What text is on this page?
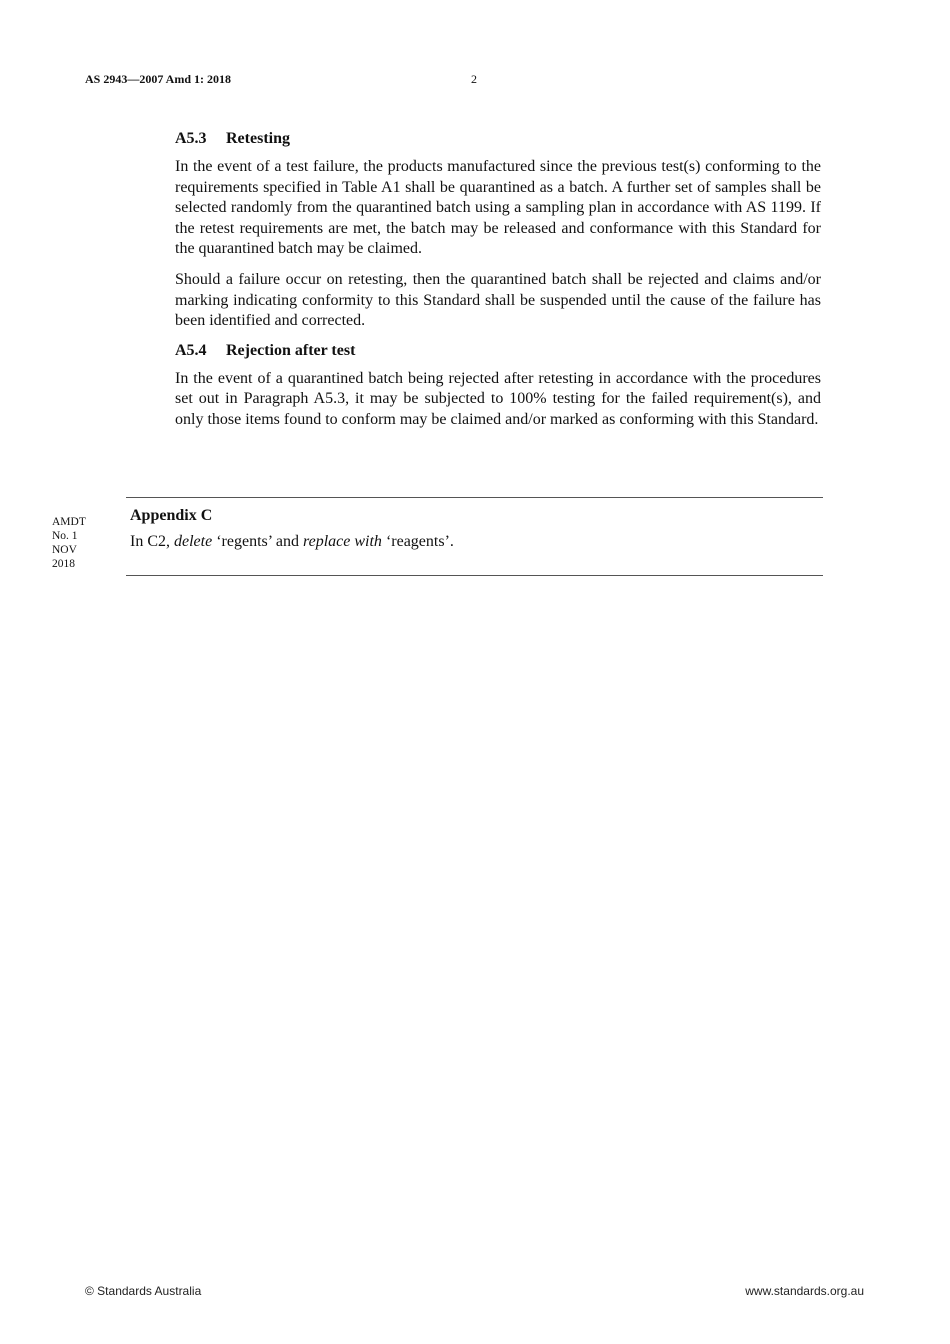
AS 2943—2007 Amd 1: 2018	2
A5.3 Retesting

In the event of a test failure, the products manufactured since the previous test(s) conforming to the requirements specified in Table A1 shall be quarantined as a batch. A further set of samples shall be selected randomly from the quarantined batch using a sampling plan in accordance with AS 1199. If the retest requirements are met, the batch may be released and conformance with this Standard for the quarantined batch may be claimed.

Should a failure occur on retesting, then the quarantined batch shall be rejected and claims and/or marking indicating conformity to this Standard shall be suspended until the cause of the failure has been identified and corrected.

A5.4 Rejection after test

In the event of a quarantined batch being rejected after retesting in accordance with the procedures set out in Paragraph A5.3, it may be subjected to 100% testing for the failed requirement(s), and only those items found to conform may be claimed and/or marked as conforming with this Standard.

AMDT
No. 1
NOV
2018
Appendix C

In C2, delete ‘regents’ and replace with ‘reagents’.

© Standards Australia	www.standards.org.au
